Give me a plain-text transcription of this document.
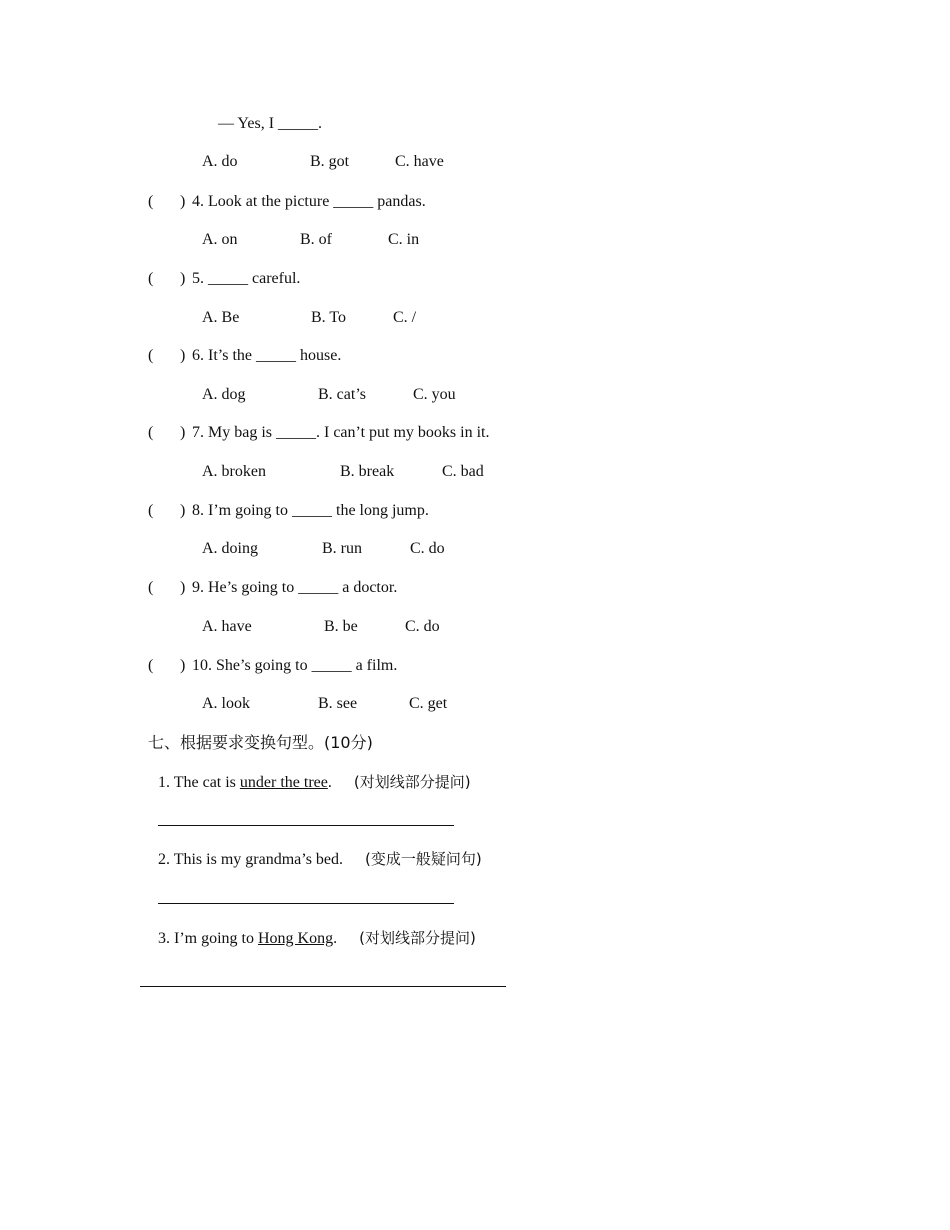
— Yes, I _____.
A. do	B. got	C. have
( ) 4. Look at the picture _____ pandas.
A. on	B. of	C. in
( ) 5. _____ careful.
A. Be	B. To	C. /
( ) 6. It’s the _____ house.
A. dog	B. cat’s	C. you
( ) 7. My bag is _____. I can’t put my books in it.
A. broken	B. break	C. bad
( ) 8. I’m going to _____ the long jump.
A. doing	B. run	C. do
( ) 9. He’s going to _____ a doctor.
A. have	B. be	C. do
( ) 10. She’s going to _____ a film.
A. look	B. see	C. get
七、根据要求变换句型。(10分)
1. The cat is under the tree. (对划线部分提问)
2. This is my grandma’s bed. (变成一般疑问句)
3. I’m going to Hong Kong. (对划线部分提问)
